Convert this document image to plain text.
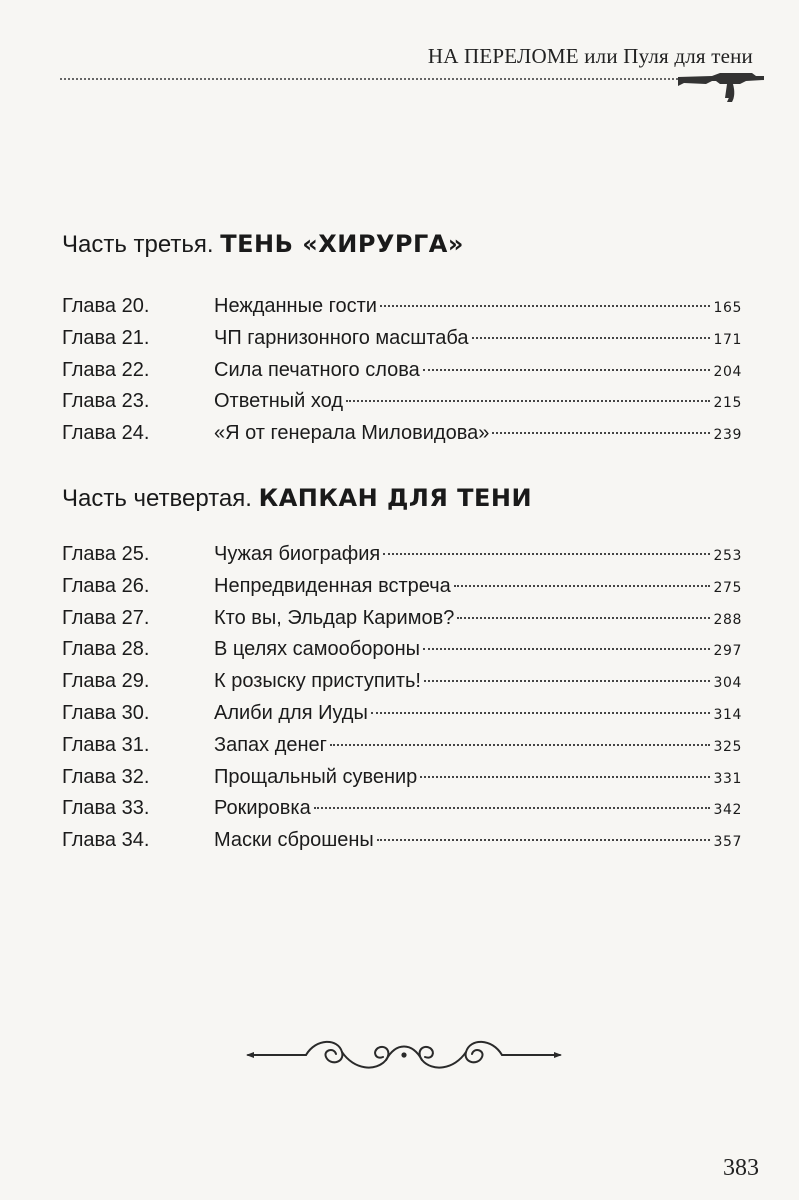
НА ПЕРЕЛОМЕ или Пуля для тени
Часть третья. ТЕНЬ «ХИРУРГА»
Глава 20.	Нежданные гости	165
Глава 21.	ЧП гарнизонного масштаба	171
Глава 22.	Сила печатного слова	204
Глава 23.	Ответный ход	215
Глава 24.	«Я от генерала Миловидова»	239
Часть четвертая. КАПКАН ДЛЯ ТЕНИ
Глава 25.	Чужая биография	253
Глава 26.	Непредвиденная встреча	275
Глава 27.	Кто вы, Эльдар Каримов?	288
Глава 28.	В целях самообороны	297
Глава 29.	К розыску приступить!	304
Глава 30.	Алиби для Иуды	314
Глава 31.	Запах денег	325
Глава 32.	Прощальный сувенир	331
Глава 33.	Рокировка	342
Глава 34.	Маски сброшены	357
383
